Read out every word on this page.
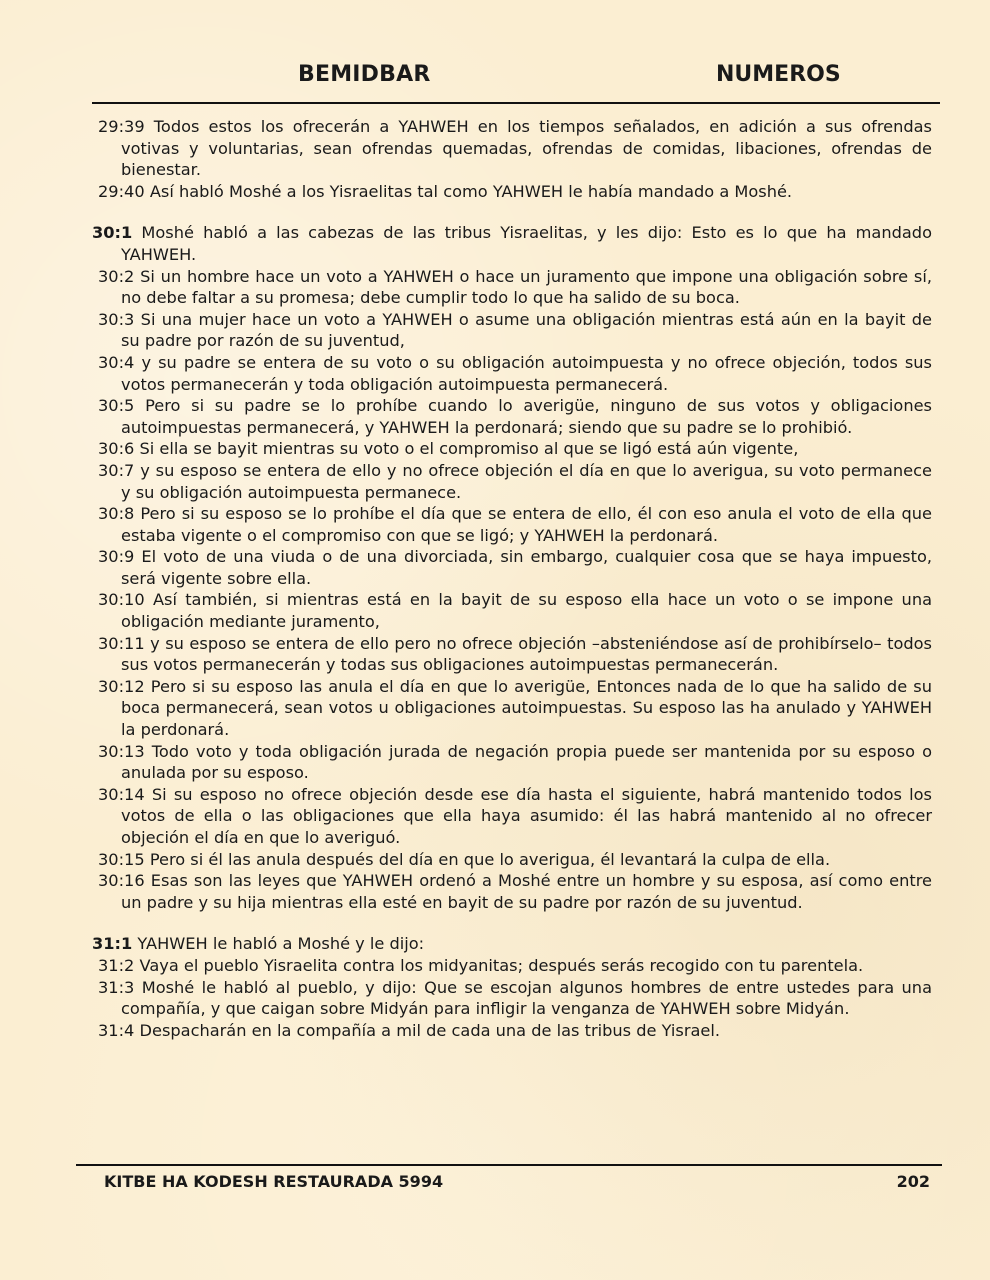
BEMIDBAR	NUMEROS

29:39 Todos estos los ofrecerán a YAHWEH en los tiempos señalados, en adición a sus ofrendas votivas y voluntarias, sean ofrendas quemadas, ofrendas de comidas, libaciones, ofrendas de bienestar.

29:40 Así habló Moshé a los Yisraelitas tal como YAHWEH le había mandado a Moshé.

30:1 Moshé habló a las cabezas de las tribus Yisraelitas, y les dijo: Esto es lo que ha mandado YAHWEH.

30:2 Si un hombre hace un voto a YAHWEH o hace un juramento que impone una obligación sobre sí, no debe faltar a su promesa; debe cumplir todo lo que ha salido de su boca.

30:3 Si una mujer hace un voto a YAHWEH o asume una obligación mientras está aún en la bayit de su padre por razón de su juventud,

30:4 y su padre se entera de su voto o su obligación autoimpuesta y no ofrece objeción, todos sus votos permanecerán y toda obligación autoimpuesta permanecerá.

30:5 Pero si su padre se lo prohíbe cuando lo averigüe, ninguno de sus votos y obligaciones autoimpuestas permanecerá, y YAHWEH la perdonará; siendo que su padre se lo prohibió.

30:6 Si ella se bayit mientras su voto o el compromiso al que se ligó está aún vigente,

30:7 y su esposo se entera de ello y no ofrece objeción el día en que lo averigua, su voto permanece y su obligación autoimpuesta permanece.

30:8 Pero si su esposo se lo prohíbe el día que se entera de ello, él con eso anula el voto de ella que estaba vigente o el compromiso con que se ligó; y YAHWEH la perdonará.

30:9 El voto de una viuda o de una divorciada, sin embargo, cualquier cosa que se haya impuesto, será vigente sobre ella.

30:10 Así también, si mientras está en la bayit de su esposo ella hace un voto o se impone una obligación mediante juramento,

30:11 y su esposo se entera de ello pero no ofrece objeción –absteniéndose así de prohibírselo– todos sus votos permanecerán y todas sus obligaciones autoimpuestas permanecerán.

30:12 Pero si su esposo las anula el día en que lo averigüe, Entonces nada de lo que ha salido de su boca permanecerá, sean votos u obligaciones autoimpuestas. Su esposo las ha anulado y YAHWEH la perdonará.

30:13 Todo voto y toda obligación jurada de negación propia puede ser mantenida por su esposo o anulada por su esposo.

30:14 Si su esposo no ofrece objeción desde ese día hasta el siguiente, habrá mantenido todos los votos de ella o las obligaciones que ella haya asumido: él las habrá mantenido al no ofrecer objeción el día en que lo averiguó.

30:15 Pero si él las anula después del día en que lo averigua, él levantará la culpa de ella.

30:16 Esas son las leyes que YAHWEH ordenó a Moshé entre un hombre y su esposa, así como entre un padre y su hija mientras ella esté en bayit de su padre por razón de su juventud.

31:1 YAHWEH le habló a Moshé y le dijo:

31:2 Vaya el pueblo Yisraelita contra los midyanitas; después serás recogido con tu parentela.

31:3 Moshé le habló al pueblo, y dijo: Que se escojan algunos hombres de entre ustedes para una compañía, y que caigan sobre Midyán para infligir la venganza de YAHWEH sobre Midyán.

31:4 Despacharán en la compañía a mil de cada una de las tribus de Yisrael.

KITBE HA KODESH RESTAURADA 5994	202
